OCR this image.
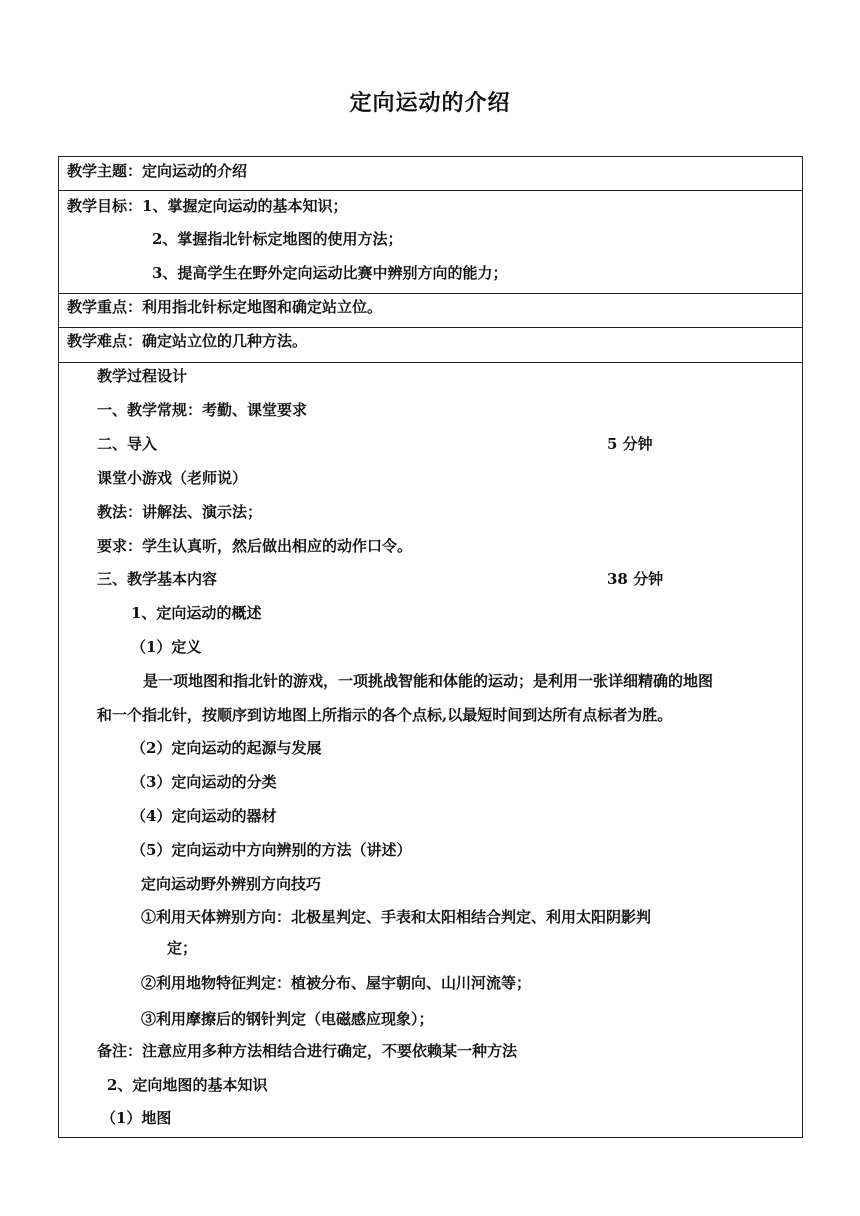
定向运动的介绍
教学主题：定向运动的介绍
教学目标：1、掌握定向运动的基本知识；
2、掌握指北针标定地图的使用方法；
3、提高学生在野外定向运动比赛中辨别方向的能力；
教学重点：利用指北针标定地图和确定站立位。
教学难点：确定站立位的几种方法。
教学过程设计
一、教学常规：考勤、课堂要求
二、导入	5 分钟
课堂小游戏（老师说）
教法：讲解法、演示法；
要求：学生认真听，然后做出相应的动作口令。
三、教学基本内容	38 分钟
1、定向运动的概述
（1）定义
是一项地图和指北针的游戏，一项挑战智能和体能的运动；是利用一张详细精确的地图
和一个指北针，按顺序到访地图上所指示的各个点标,以最短时间到达所有点标者为胜。
（2）定向运动的起源与发展
（3）定向运动的分类
（4）定向运动的器材
（5）定向运动中方向辨别的方法（讲述）
定向运动野外辨别方向技巧
①利用天体辨别方向：北极星判定、手表和太阳相结合判定、利用太阳阴影判
定；
②利用地物特征判定：植被分布、屋宇朝向、山川河流等；
③利用摩擦后的钢针判定（电磁感应现象）；
备注：注意应用多种方法相结合进行确定，不要依赖某一种方法
2、定向地图的基本知识
（1）地图
